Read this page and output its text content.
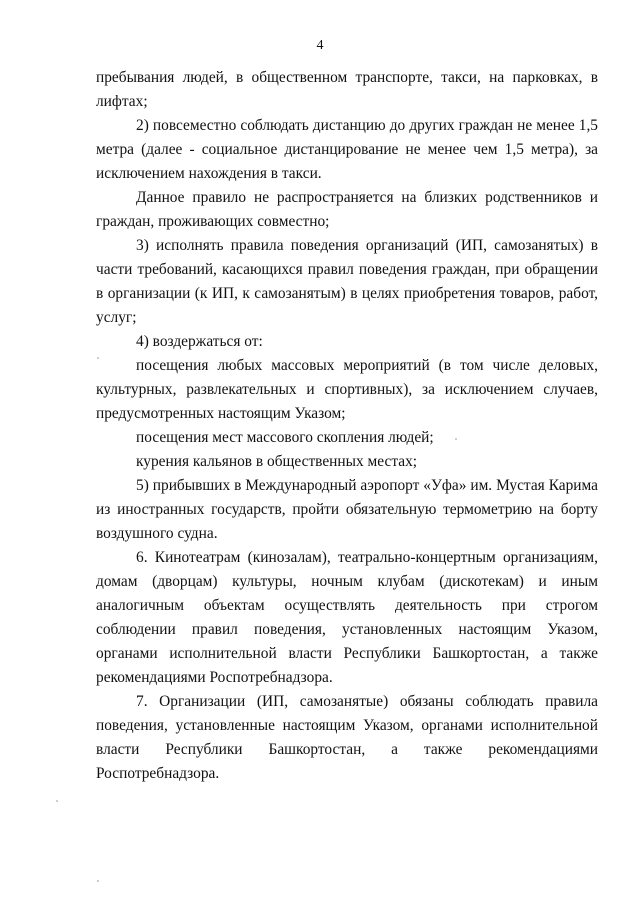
4

пребывания людей, в общественном транспорте, такси, на парковках, в лифтах;

2) повсеместно соблюдать дистанцию до других граждан не менее 1,5 метра (далее - социальное дистанцирование не менее чем 1,5 метра), за исключением нахождения в такси.

Данное правило не распространяется на близких родственников и граждан, проживающих совместно;

3) исполнять правила поведения организаций (ИП, самозанятых) в части требований, касающихся правил поведения граждан, при обращении в организации (к ИП, к самозанятым) в целях приобретения товаров, работ, услуг;

4) воздержаться от:

посещения любых массовых мероприятий (в том числе деловых, культурных, развлекательных и спортивных), за исключением случаев, предусмотренных настоящим Указом;

посещения мест массового скопления людей;

курения кальянов в общественных местах;

5) прибывших в Международный аэропорт «Уфа» им. Мустая Карима из иностранных государств, пройти обязательную термометрию на борту воздушного судна.

6. Кинотеатрам (кинозалам), театрально-концертным организациям, домам (дворцам) культуры, ночным клубам (дискотекам) и иным аналогичным объектам осуществлять деятельность при строгом соблюдении правил поведения, установленных настоящим Указом, органами исполнительной власти Республики Башкортостан, а также рекомендациями Роспотребнадзора.

7. Организации (ИП, самозанятые) обязаны соблюдать правила поведения, установленные настоящим Указом, органами исполнительной власти Республики Башкортостан, а также рекомендациями Роспотребнадзора.
